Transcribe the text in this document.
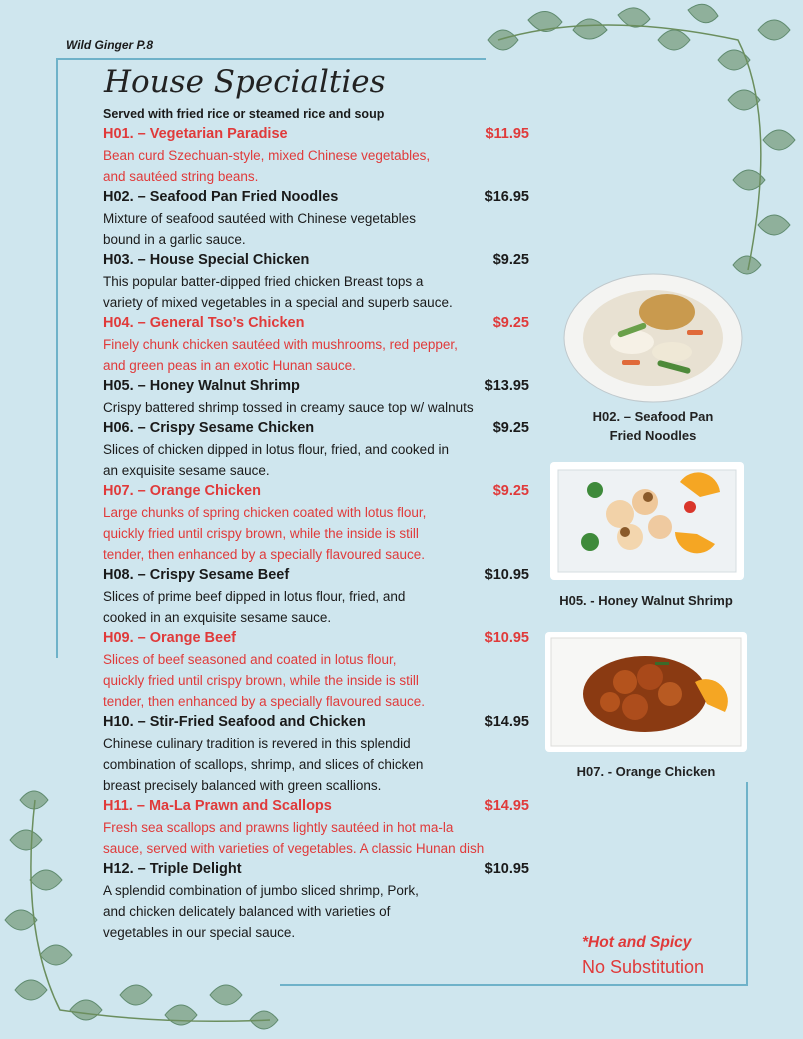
Wild Ginger P.8
House Specialties
Served with fried rice or steamed rice and soup
H01. – Vegetarian Paradise	$11.95
Bean curd Szechuan-style, mixed Chinese vegetables,
and sautéed string beans.
H02. – Seafood Pan Fried Noodles	$16.95
Mixture of seafood sautéed with Chinese vegetables
bound in a garlic sauce.
H03. – House Special Chicken	$9.25
This popular batter-dipped fried chicken Breast tops a
variety of mixed vegetables in a special and superb sauce.
H04. – General Tso’s Chicken	$9.25
Finely chunk chicken sautéed with mushrooms, red pepper,
and green peas in an exotic Hunan sauce.
H05. – Honey Walnut Shrimp	$13.95
Crispy battered shrimp tossed in creamy sauce top w/ walnuts
H06. – Crispy Sesame Chicken	$9.25
Slices of chicken dipped in lotus flour, fried, and cooked in
an exquisite sesame sauce.
H07. – Orange Chicken	$9.25
Large chunks of spring chicken coated with lotus flour,
quickly fried until crispy brown, while the inside is still
tender, then enhanced by a specially flavoured sauce.
H08. – Crispy Sesame Beef	$10.95
Slices of prime beef dipped in lotus flour, fried, and
cooked in an exquisite sesame sauce.
H09. – Orange Beef	$10.95
Slices of beef seasoned and coated in lotus flour,
quickly fried until crispy brown, while the inside is still
tender, then enhanced by a specially flavoured sauce.
H10. – Stir-Fried Seafood and Chicken	$14.95
Chinese culinary tradition is revered in this splendid
combination of scallops, shrimp, and slices of chicken
breast precisely balanced with green scallions.
H11. – Ma-La Prawn and Scallops	$14.95
Fresh sea scallops and prawns lightly sautéed in hot ma-la
sauce, served with varieties of vegetables. A classic Hunan dish
H12. – Triple Delight	$10.95
A splendid combination of jumbo sliced shrimp, Pork,
and chicken delicately balanced with varieties of
vegetables in our special sauce.
H02. – Seafood Pan
Fried Noodles
H05. - Honey Walnut Shrimp
H07. - Orange Chicken
*Hot and Spicy
No Substitution
